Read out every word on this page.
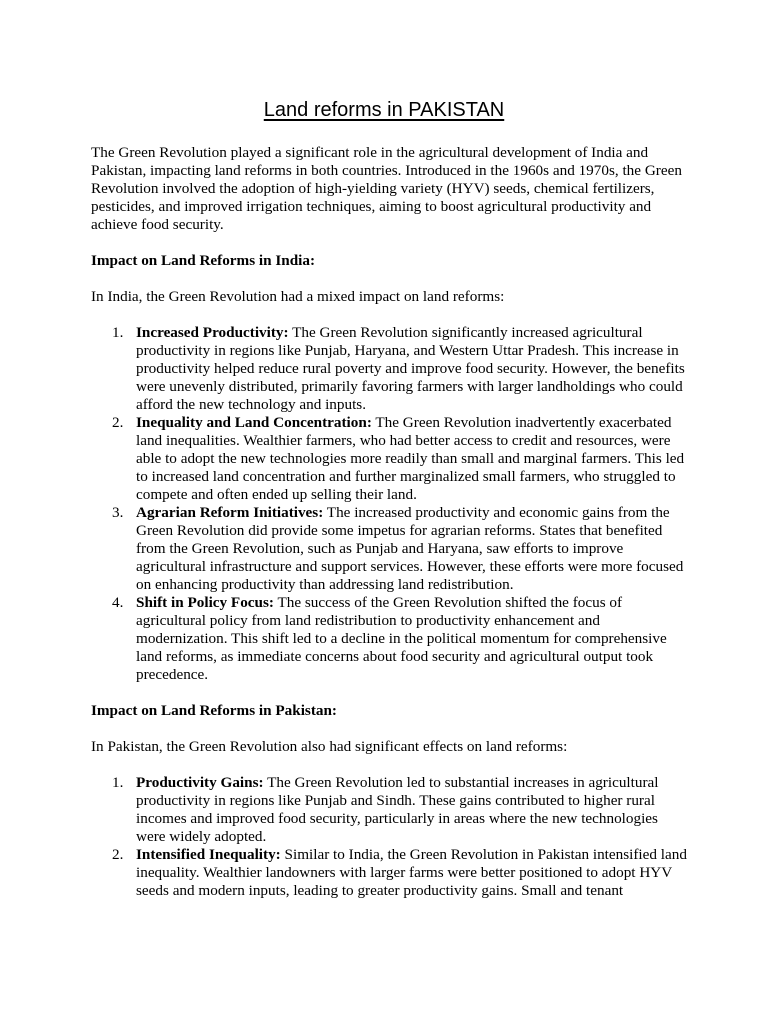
Land reforms in PAKISTAN

The Green Revolution played a significant role in the agricultural development of India and Pakistan, impacting land reforms in both countries. Introduced in the 1960s and 1970s, the Green Revolution involved the adoption of high-yielding variety (HYV) seeds, chemical fertilizers, pesticides, and improved irrigation techniques, aiming to boost agricultural productivity and achieve food security.

Impact on Land Reforms in India:

In India, the Green Revolution had a mixed impact on land reforms:

1. Increased Productivity: The Green Revolution significantly increased agricultural productivity in regions like Punjab, Haryana, and Western Uttar Pradesh. This increase in productivity helped reduce rural poverty and improve food security. However, the benefits were unevenly distributed, primarily favoring farmers with larger landholdings who could afford the new technology and inputs.
2. Inequality and Land Concentration: The Green Revolution inadvertently exacerbated land inequalities. Wealthier farmers, who had better access to credit and resources, were able to adopt the new technologies more readily than small and marginal farmers. This led to increased land concentration and further marginalized small farmers, who struggled to compete and often ended up selling their land.
3. Agrarian Reform Initiatives: The increased productivity and economic gains from the Green Revolution did provide some impetus for agrarian reforms. States that benefited from the Green Revolution, such as Punjab and Haryana, saw efforts to improve agricultural infrastructure and support services. However, these efforts were more focused on enhancing productivity than addressing land redistribution.
4. Shift in Policy Focus: The success of the Green Revolution shifted the focus of agricultural policy from land redistribution to productivity enhancement and modernization. This shift led to a decline in the political momentum for comprehensive land reforms, as immediate concerns about food security and agricultural output took precedence.
Impact on Land Reforms in Pakistan:

In Pakistan, the Green Revolution also had significant effects on land reforms:

1. Productivity Gains: The Green Revolution led to substantial increases in agricultural productivity in regions like Punjab and Sindh. These gains contributed to higher rural incomes and improved food security, particularly in areas where the new technologies were widely adopted.
2. Intensified Inequality: Similar to India, the Green Revolution in Pakistan intensified land inequality. Wealthier landowners with larger farms were better positioned to adopt HYV seeds and modern inputs, leading to greater productivity gains. Small and tenant
